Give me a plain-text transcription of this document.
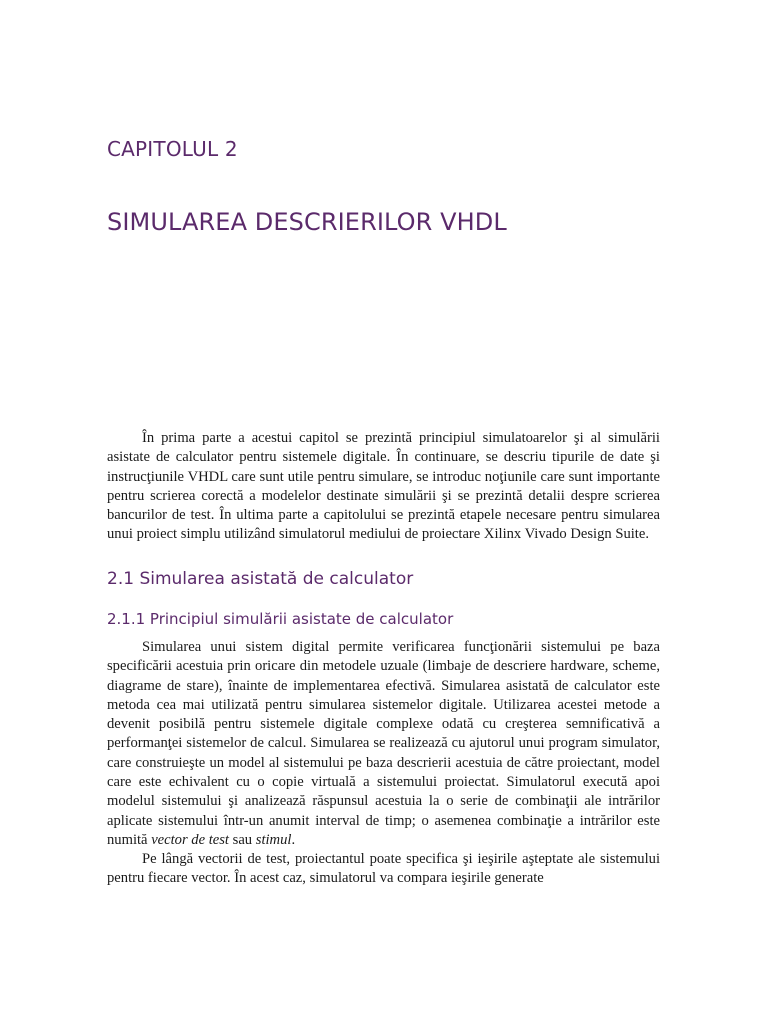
CAPITOLUL 2
SIMULAREA DESCRIERILOR VHDL

În prima parte a acestui capitol se prezintă principiul simulatoarelor şi al simulării asistate de calculator pentru sistemele digitale. În continuare, se descriu tipurile de date şi instrucţiunile VHDL care sunt utile pentru simulare, se introduc noţiunile care sunt importante pentru scrierea corectă a modelelor destinate simulării şi se prezintă detalii despre scrierea bancurilor de test. În ultima parte a capitolului se prezintă etapele necesare pentru simularea unui proiect simplu utilizând simulatorul mediului de proiectare Xilinx Vivado Design Suite.

2.1 Simularea asistată de calculator
2.1.1 Principiul simulării asistate de calculator

Simularea unui sistem digital permite verificarea funcţionării sistemului pe baza specificării acestuia prin oricare din metodele uzuale (limbaje de descriere hardware, scheme, diagrame de stare), înainte de implementarea efectivă. Simularea asistată de calculator este metoda cea mai utilizată pentru simularea sistemelor digitale. Utilizarea acestei metode a devenit posibilă pentru sistemele digitale complexe odată cu creşterea semnificativă a performanţei sistemelor de calcul. Simularea se realizează cu ajutorul unui program simulator, care construieşte un model al sistemului pe baza descrierii acestuia de către proiectant, model care este echivalent cu o copie virtuală a sistemului proiectat. Simulatorul execută apoi modelul sistemului şi analizează răspunsul acestuia la o serie de combinaţii ale intrărilor aplicate sistemului într-un anumit interval de timp; o asemenea combinaţie a intrărilor este numită vector de test sau stimul.

Pe lângă vectorii de test, proiectantul poate specifica şi ieşirile aşteptate ale sistemului pentru fiecare vector. În acest caz, simulatorul va compara ieşirile generate
